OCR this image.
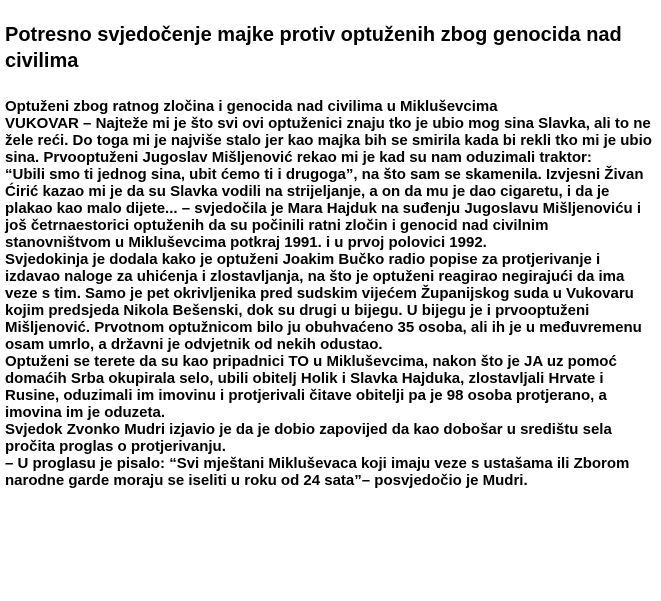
Potresno svjedočenje majke protiv optuženih zbog genocida nad civilima

Optuženi zbog ratnog zločina i genocida nad civilima u Mikluševcima

VUKOVAR – Najteže mi je što svi ovi optuženici znaju tko je ubio mog sina Slavka, ali to ne žele reći. Do toga mi je najviše stalo jer kao majka bih se smirila kada bi rekli tko mi je ubio sina. Prvooptuženi Jugoslav Mišljenović rekao mi je kad su nam oduzimali traktor:

“Ubili smo ti jednog sina, ubit ćemo ti i drugoga”, na što sam se skamenila. Izvjesni Živan Ćirić kazao mi je da su Slavka vodili na strijeljanje, a on da mu je dao cigaretu, i da je plakao kao malo dijete... – svjedočila je Mara Hajduk na suđenju Jugoslavu Mišljenoviću i još četrnaestorici optuženih da su počinili ratni zločin i genocid nad civilnim stanovništvom u Mikluševcima potkraj 1991. i u prvoj polovici 1992.

Svjedokinja je dodala kako je optuženi Joakim Bučko radio popise za protjerivanje i izdavao naloge za uhićenja i zlostavljanja, na što je optuženi reagirao negirajući da ima veze s tim. Samo je pet okrivljenika pred sudskim vijećem Županijskog suda u Vukovaru kojim predsjeda Nikola Bešenski, dok su drugi u bijegu. U bijegu je i prvooptuženi Mišljenović. Prvotnom optužnicom bilo ju obuhvaćeno 35 osoba, ali ih je u međuvremenu osam umrlo, a državni je odvjetnik od nekih odustao.

Optuženi se terete da su kao pripadnici TO u Mikluševcima, nakon što je JA uz pomoć domaćih Srba okupirala selo, ubili obitelj Holik i Slavka Hajduka, zlostavljali Hrvate i Rusine, oduzimali im imovinu i protjerivali čitave obitelji pa je 98 osoba protjerano, a imovina im je oduzeta.

Svjedok Zvonko Mudri izjavio je da je dobio zapovijed da kao dobošar u središtu sela pročita proglas o protjerivanju.

– U proglasu je pisalo: “Svi mještani Mikluševaca koji imaju veze s ustašama ili Zborom narodne garde moraju se iseliti u roku od 24 sata”– posvjedočio je Mudri.
